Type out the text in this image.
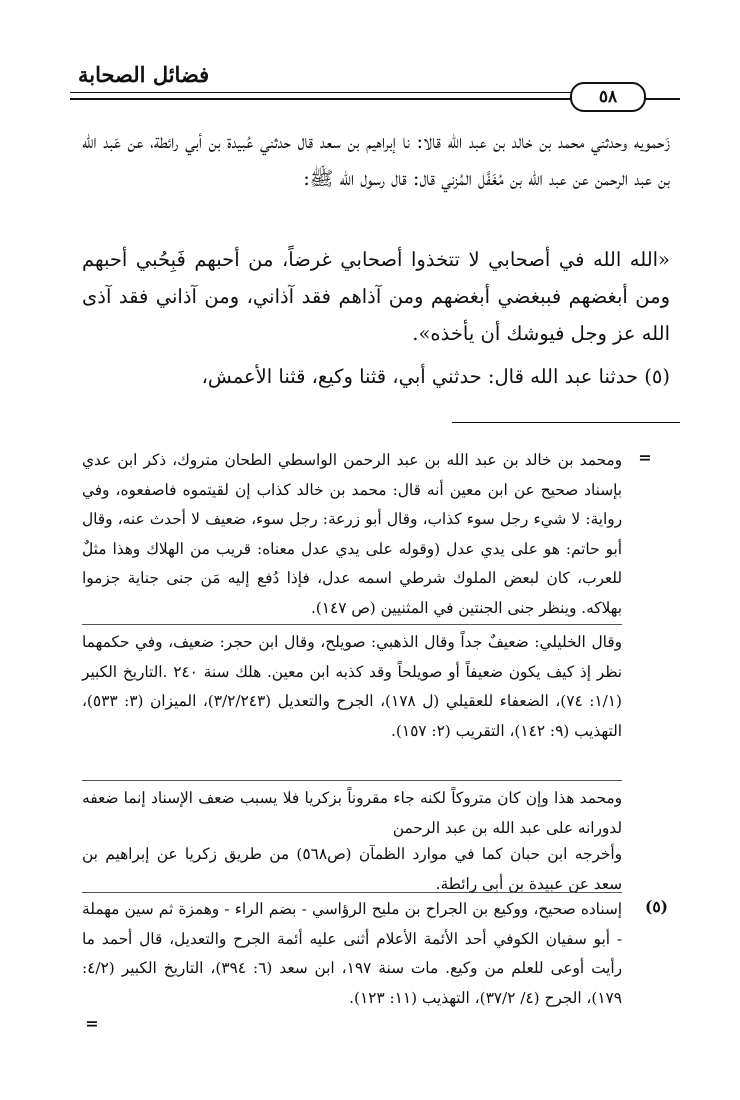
فضائل الصحابة
٥٨

زَحمويه وحدثني محمد بن خالد بن عبد الله قالا: نا إبراهيم بن سعد قال حدثني عُبيدة بن أبي رائطة، عن عَبد الله بن عبد الرحمن عن عبد الله بن مُغَفَّل المُزني قال: قال رسول الله ﷺ:

«الله الله في أصحابي لا تتخذوا أصحابي غرضاً، من أحبهم فَبِحُبي أحبهم ومن أبغضهم فببغضي أبغضهم ومن آذاهم فقد آذاني، ومن آذاني فقد آذى الله عز وجل فيوشك أن يأخذه».

(٥) حدثنا عبد الله قال: حدثني أبي، قثنا وكيع، قثنا الأعمش،

=

ومحمد بن خالد بن عبد الله بن عبد الرحمن الواسطي الطحان متروك، ذكر ابن عدي بإسناد صحيح عن ابن معين أنه قال: محمد بن خالد كذاب إن لقيتموه فاصفعوه، وفي رواية: لا شيء رجل سوء كذاب، وقال أبو زرعة: رجل سوء، ضعيف لا أحدث عنه، وقال أبو حاتم: هو على يدي عدل (وقوله على يدي عدل معناه: قريب من الهلاك وهذا مثلٌ للعرب، كان لبعض الملوك شرطي اسمه عدل، فإذا دُفع إليه مَن جنى جناية جزموا بهلاكه. وينظر جنى الجنتين في المثنيين (ص ١٤٧).

وقال الخليلي: ضعيفٌ جداً وقال الذهبي: صويلح، وقال ابن حجر: ضعيف، وفي حكمهما نظر إذ كيف يكون ضعيفاً أو صويلحاً وقد كذبه ابن معين. هلك سنة ٢٤٠ .التاريخ الكبير (١/١: ٧٤)، الضعفاء للعقيلي (ل ١٧٨)، الجرح والتعديل (٣/٢/٢٤٣)، الميزان (٣: ٥٣٣)، التهذيب (٩: ١٤٢)، التقريب (٢: ١٥٧).

ومحمد هذا وإن كان متروكاً لكنه جاء مقروناً بزكريا فلا يسبب ضعف الإسناد إنما ضعفه لدورانه على عبد الله بن عبد الرحمن

وأخرجه ابن حبان كما في موارد الظمآن (ص٥٦٨) من طريق زكريا عن إبراهيم بن سعد عن عبيدة بن أبي رائطة.

(٥)

إسناده صحيح، ووكيع بن الجراح بن مليح الرؤاسي - بضم الراء - وهمزة ثم سين مهملة - أبو سفيان الكوفي أحد الأئمة الأعلام أثنى عليه أئمة الجرح والتعديل، قال أحمد ما رأيت أوعى للعلم من وكيع. مات سنة ١٩٧، ابن سعد (٦: ٣٩٤)، التاريخ الكبير (٤/٢: ١٧٩)، الجرح (٤/ ٣٧/٢)، التهذيب (١١: ١٢٣).

=
